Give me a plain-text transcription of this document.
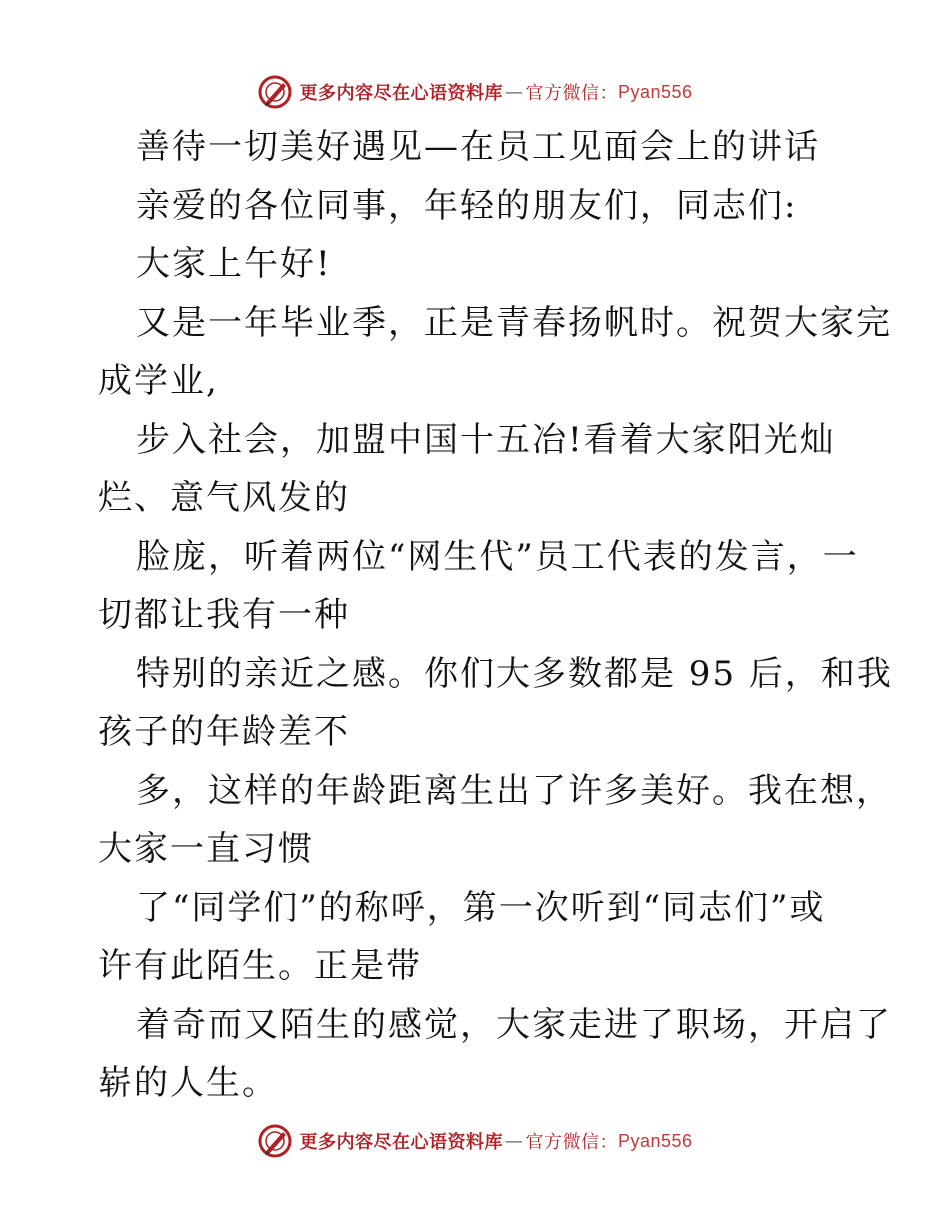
更多内容尽在心语资料库 — 官方微信： Pyan556
善待一切美好遇见—在员工见面会上的讲话
亲爱的各位同事，年轻的朋友们，同志们:
大家上午好!
又是一年毕业季，正是青春扬帆时。祝贺大家完
成学业,
步入社会，加盟中国十五冶!看着大家阳光灿
烂、意气风发的
脸庞，听着两位“网生代”员工代表的发言，一
切都让我有一种
特别的亲近之感。你们大多数都是 95 后，和我
孩子的年龄差不
多，这样的年龄距离生出了许多美好。我在想，
大家一直习惯
了“同学们”的称呼，第一次听到“同志们”或
许有此陌生。正是带
着奇而又陌生的感觉，大家走进了职场，开启了
崭的人生。
更多内容尽在心语资料库 — 官方微信： Pyan556
